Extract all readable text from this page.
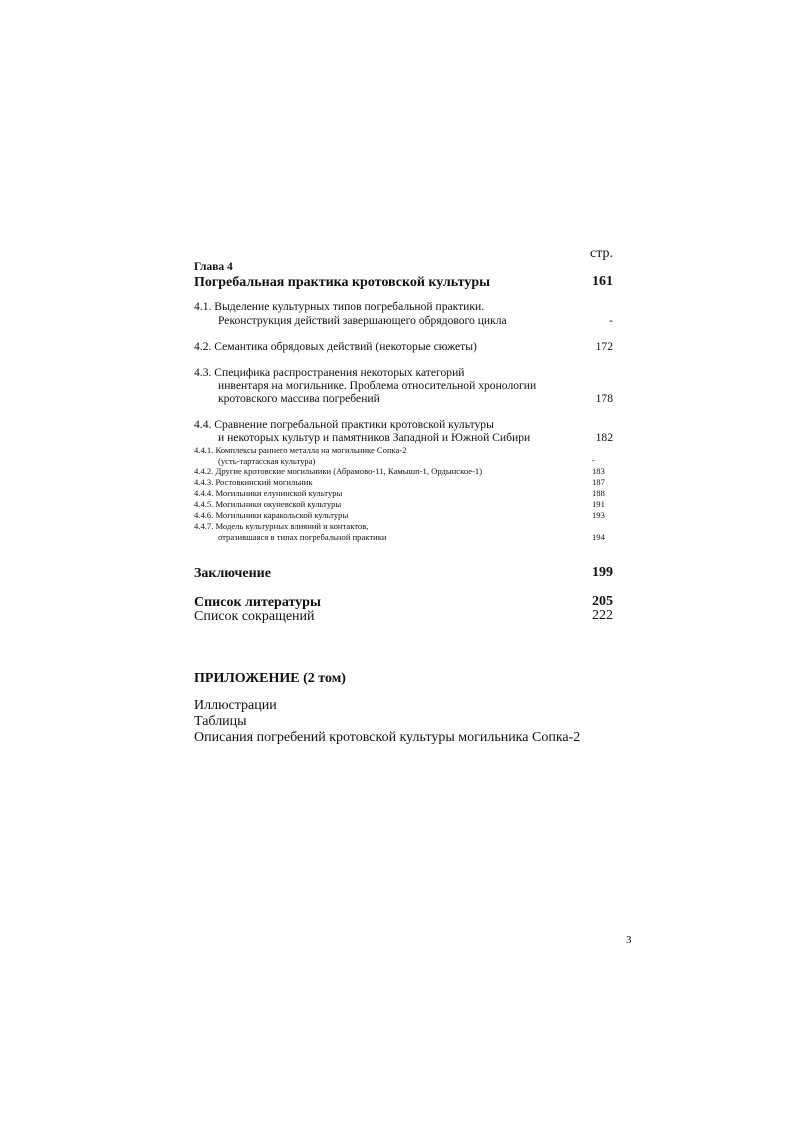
стр.
Глава 4
Погребальная практика кротовской культуры	161
4.1. Выделение культурных типов погребальной практики.
Реконструкция действий завершающего обрядового цикла	-
4.2. Семантика обрядовых действий (некоторые сюжеты)	172
4.3. Специфика распространения некоторых категорий
инвентаря на могильнике. Проблема относительной хронологии
кротовского массива погребений	178
4.4. Сравнение погребальной практики кротовской культуры
и некоторых культур и памятников Западной и Южной Сибири	182
4.4.1. Комплексы раннего металла на могильнике Сопка-2
(усть-тартасская культура)	-
4.4.2. Другие кротовские могильники (Абрамово-11, Камышп-1, Ордынское-1)	183
4.4.3. Ростовкинский могильник	187
4.4.4. Могильники елунинской культуры	188
4.4.5. Могильники окуневской культуры	191
4.4.6. Могильники каракольской культуры	193
4.4.7. Модель культурных влияний и контактов,
отразившаяся в типах погребальной практики	194
Заключение	199
Список литературы	205
Список сокращений	222
ПРИЛОЖЕНИЕ (2 том)
Иллюстрации
Таблицы
Описания погребений кротовской культуры могильника Сопка-2
3
